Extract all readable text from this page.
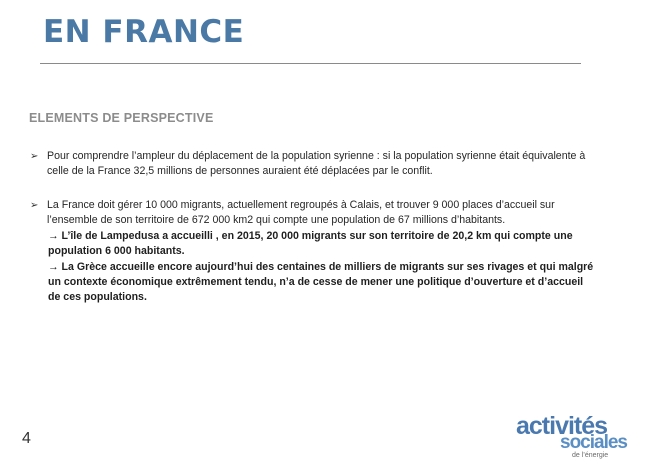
EN FRANCE
ELEMENTS DE PERSPECTIVE
➢ Pour comprendre l’ampleur du déplacement de la population syrienne : si la population syrienne était équivalente à celle de la France 32,5 millions de personnes auraient été déplacées par le conflit.
➢ La France doit gérer 10 000 migrants, actuellement regroupés à Calais, et trouver 9 000 places d’accueil sur l’ensemble de son territoire de 672 000 km2 qui compte une population de 67 millions d’habitants.
→ L’île de Lampedusa a accueilli , en 2015, 20 000 migrants sur son territoire de 20,2 km qui compte une population 6 000 habitants.
→ La Grèce accueille encore aujourd’hui des centaines de milliers de migrants sur ses rivages et qui malgré un contexte économique extrêmement tendu, n’a de cesse de mener une politique d’ouverture et d’accueil de ces populations.
4	activités
sociales
de l’énergie
